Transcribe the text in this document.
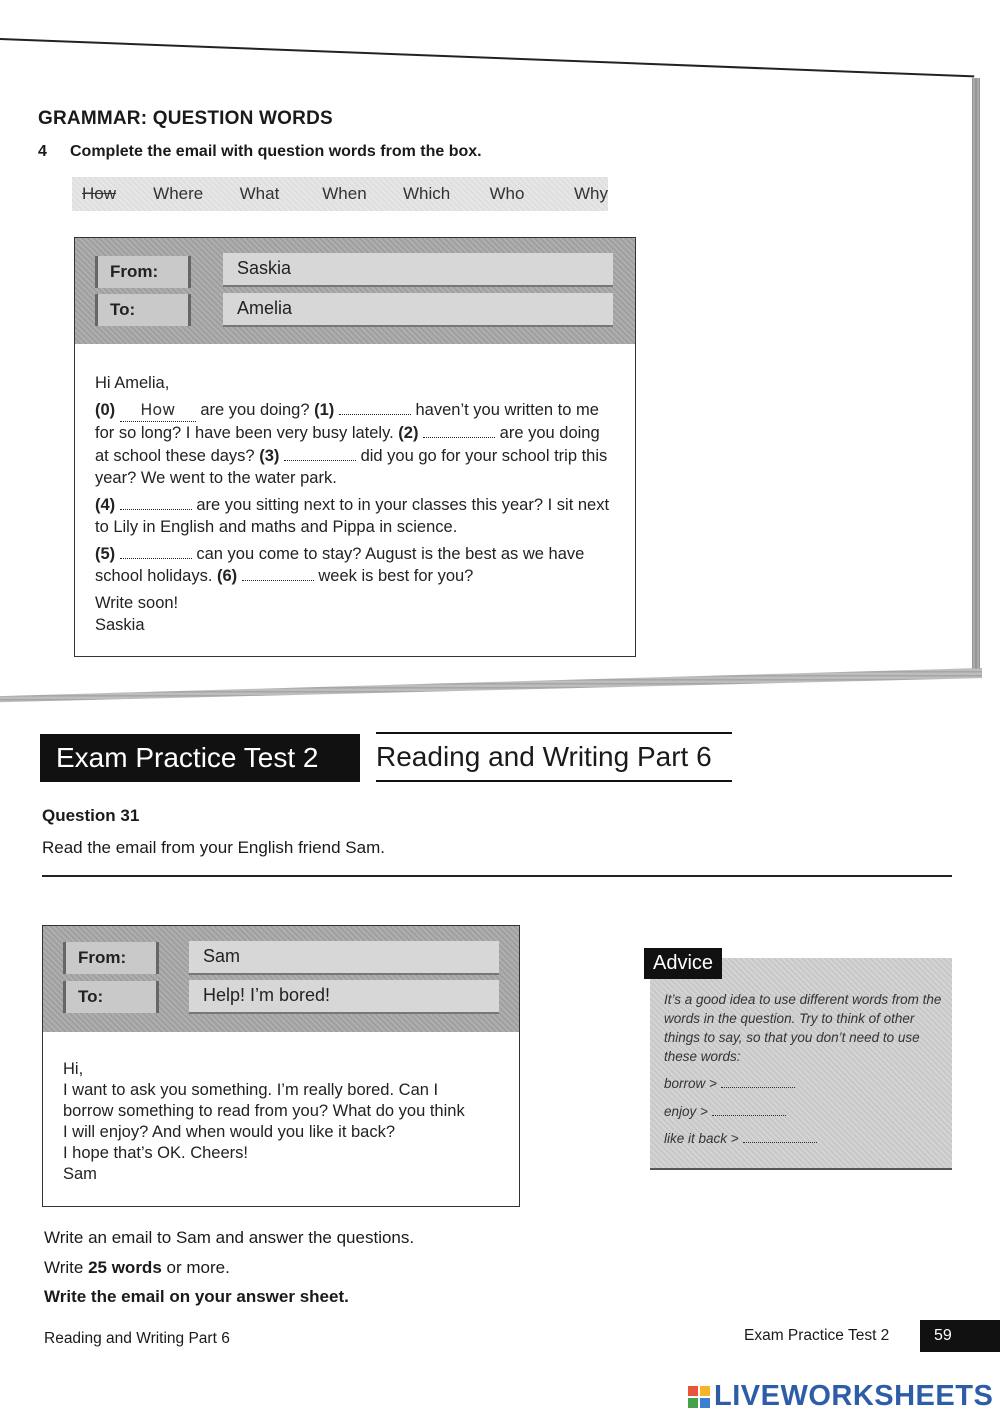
GRAMMAR: QUESTION WORDS
4 Complete the email with question words from the box.
How	Where	What	When	Which	Who	Why
From:	Saskia
To:	Amelia

Hi Amelia,

(0) How are you doing? (1)	haven’t you written to me for so long? I have been very busy lately. (2)	are you doing at school these days? (3)	did you go for your school trip this year? We went to the water park.

(4)	are you sitting next to in your classes this year? I sit next to Lily in English and maths and Pippa in science.

(5)	can you come to stay? August is the best as we have school holidays. (6)	week is best for you?

Write soon!

Saskia

Exam Practice Test 2	Reading and Writing Part 6
Question 31
Read the email from your English friend Sam.
From:	Sam
To:	Help! I’m bored!
Hi,
I want to ask you something. I’m really bored. Can I
borrow something to read from you? What do you think
I will enjoy? And when would you like it back?
I hope that’s OK. Cheers!
Sam
It’s a good idea to use different words from the words in the question. Try to think of other things to say, so that you don’t need to use these words:
borrow >
enjoy >
like it back >
Advice
Write an email to Sam and answer the questions.
Write 25 words or more.
Write the email on your answer sheet.
Reading and Writing Part 6	Exam Practice Test 2	59
LIVEWORKSHEETS
